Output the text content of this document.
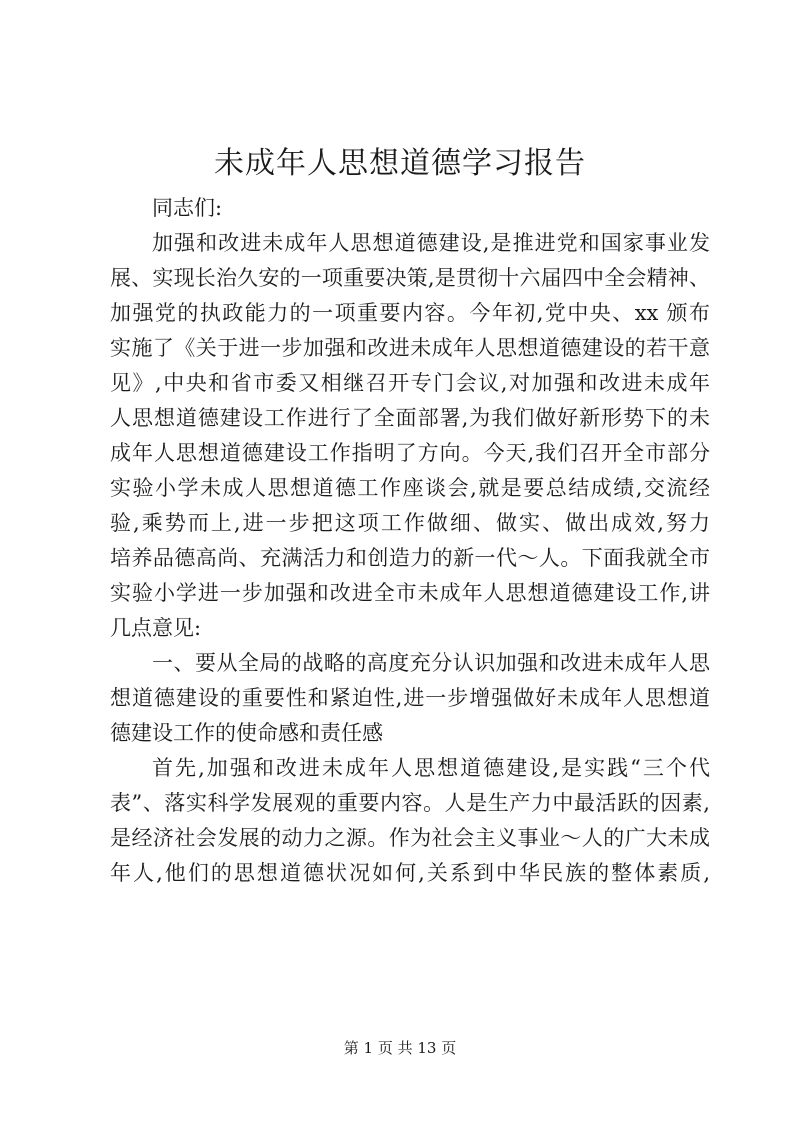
未成年人思想道德学习报告
同志们:
加强和改进未成年人思想道德建设,是推进党和国家事业发
展、实现长治久安的一项重要决策,是贯彻十六届四中全会精神、
加强党的执政能力的一项重要内容。今年初,党中央、xx 颁布
实施了《关于进一步加强和改进未成年人思想道德建设的若干意
见》,中央和省市委又相继召开专门会议,对加强和改进未成年
人思想道德建设工作进行了全面部署,为我们做好新形势下的未
成年人思想道德建设工作指明了方向。今天,我们召开全市部分
实验小学未成人思想道德工作座谈会,就是要总结成绩,交流经
验,乘势而上,进一步把这项工作做细、做实、做出成效,努力
培养品德高尚、充满活力和创造力的新一代～人。下面我就全市
实验小学进一步加强和改进全市未成年人思想道德建设工作,讲
几点意见:
一、要从全局的战略的高度充分认识加强和改进未成年人思
想道德建设的重要性和紧迫性,进一步增强做好未成年人思想道
德建设工作的使命感和责任感
首先,加强和改进未成年人思想道德建设,是实践“三个代
表”、落实科学发展观的重要内容。人是生产力中最活跃的因素,
是经济社会发展的动力之源。作为社会主义事业～人的广大未成
年人,他们的思想道德状况如何,关系到中华民族的整体素质,
第 1 页 共 13 页
